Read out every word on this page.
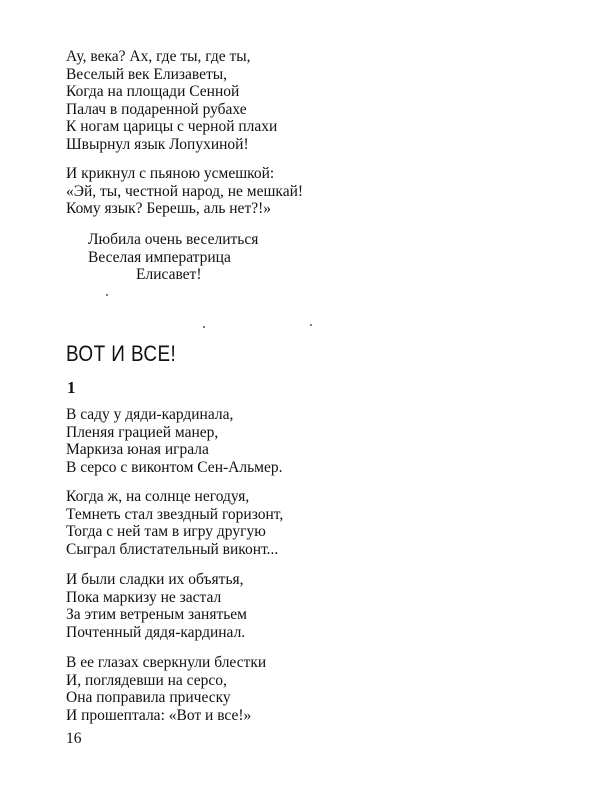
Ау, века? Ах, где ты, где ты,
Веселый век Елизаветы,
Когда на площади Сенной
Палач в подаренной рубахе
К ногам царицы с черной плахи
Швырнул язык Лопухиной!
И крикнул с пьяною усмешкой:
«Эй, ты, честной народ, не мешкай!
Кому язык? Берешь, аль нет?!»
Любила очень веселиться
Веселая императрица
Елисавет!
ВОТ И ВСЕ!
1
В саду у дяди-кардинала,
Пленяя грацией манер,
Маркиза юная играла
В серсо с виконтом Сен-Альмер.
Когда ж, на солнце негодуя,
Темнеть стал звездный горизонт,
Тогда с ней там в игру другую
Сыграл блистательный виконт...
И были сладки их объятья,
Пока маркизу не застал
За этим ветреным занятьем
Почтенный дядя-кардинал.
В ее глазах сверкнули блестки
И, поглядевши на серсо,
Она поправила прическу
И прошептала: «Вот и все!»
16
